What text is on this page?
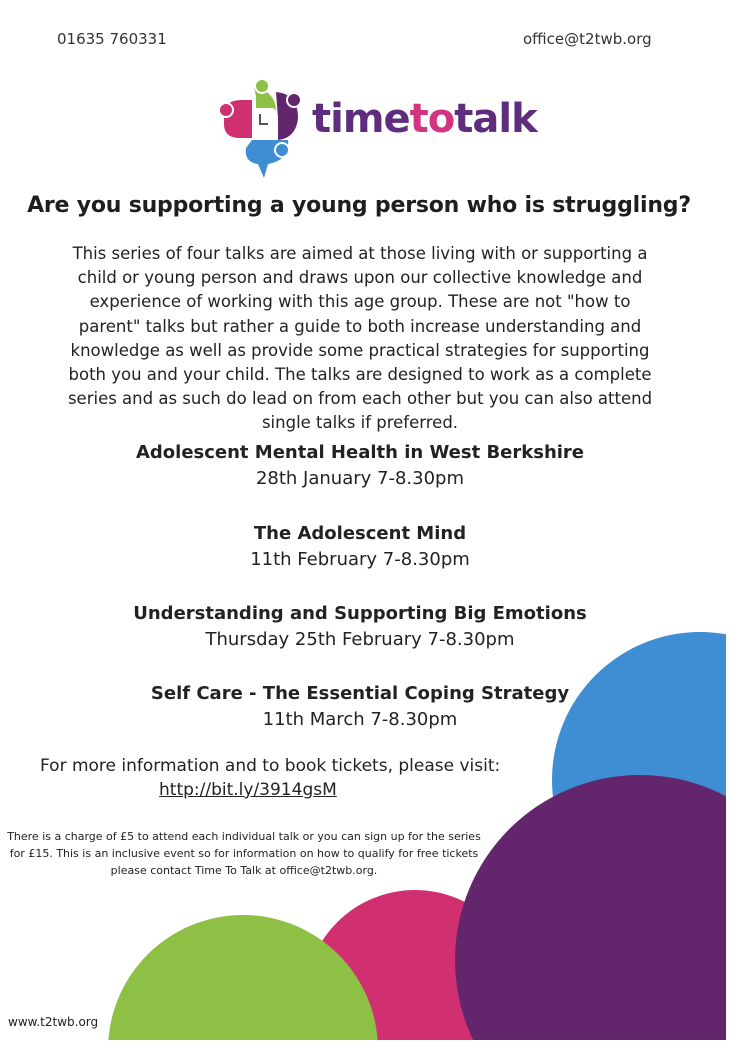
01635 760331	office@t2twb.org
timetotalk
Are you supporting a young person who is struggling?
This series of four talks are aimed at those living with or supporting a child or young person and draws upon our collective knowledge and experience of working with this age group. These are not "how to parent" talks but rather a guide to both increase understanding and knowledge as well as provide some practical strategies for supporting both you and your child. The talks are designed to work as a complete series and as such do lead on from each other but you can also attend single talks if preferred.
Adolescent Mental Health in West Berkshire
28th January 7-8.30pm
The Adolescent Mind
11th February 7-8.30pm
Understanding and Supporting Big Emotions
Thursday 25th February 7-8.30pm
Self Care - The Essential Coping Strategy
11th March 7-8.30pm
For more information and to book tickets, please visit:
http://bit.ly/3914gsM
There is a charge of £5 to attend each individual talk or you can sign up for the series for £15. This is an inclusive event so for information on how to qualify for free tickets please contact Time To Talk at office@t2twb.org.
www.t2twb.org
